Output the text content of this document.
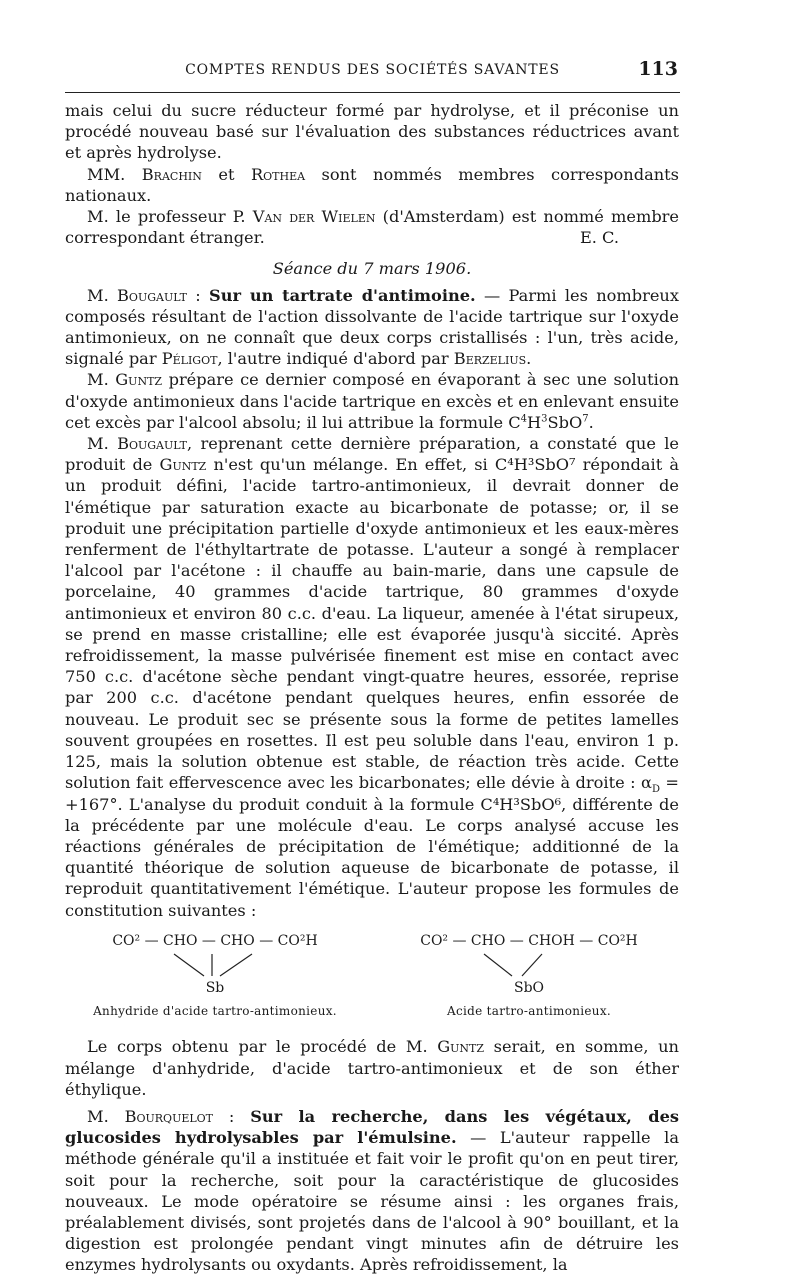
COMPTES RENDUS DES SOCIÉTÉS SAVANTES	113

mais celui du sucre réducteur formé par hydrolyse, et il préconise un procédé nouveau basé sur l'évaluation des substances réductrices avant et après hydrolyse.

MM. Brachin et Rothea sont nommés membres correspondants nationaux.

M. le professeur P. Van der Wielen (d'Amsterdam) est nommé membre correspondant étranger.	E. C.

Séance du 7 mars 1906.

M. Bougault : Sur un tartrate d'antimoine. — Parmi les nombreux composés résultant de l'action dissolvante de l'acide tartrique sur l'oxyde antimonieux, on ne connaît que deux corps cristallisés : l'un, très acide, signalé par Péligot, l'autre indiqué d'abord par Berzelius.

M. Guntz prépare ce dernier composé en évaporant à sec une solution d'oxyde antimonieux dans l'acide tartrique en excès et en enlevant ensuite cet excès par l'alcool absolu; il lui attribue la formule $C^4H^3SbO^7$.

M. Bougault, reprenant cette dernière préparation, a constaté que le produit de Guntz n'est qu'un mélange. En effet, si C⁴H³SbO⁷ répondait à un produit défini, l'acide tartro-antimonieux, il devrait donner de l'émétique par saturation exacte au bicarbonate de potasse; or, il se produit une précipitation partielle d'oxyde antimonieux et les eaux-mères renferment de l'éthyltartrate de potasse. L'auteur a songé à remplacer l'alcool par l'acétone : il chauffe au bain-marie, dans une capsule de porcelaine, 40 grammes d'acide tartrique, 80 grammes d'oxyde antimonieux et environ 80 c.c. d'eau. La liqueur, amenée à l'état sirupeux, se prend en masse cristalline; elle est évaporée jusqu'à siccité. Après refroidissement, la masse pulvérisée finement est mise en contact avec 750 c.c. d'acétone sèche pendant vingt-quatre heures, essorée, reprise par 200 c.c. d'acétone pendant quelques heures, enfin essorée de nouveau. Le produit sec se présente sous la forme de petites lamelles souvent groupées en rosettes. Il est peu soluble dans l'eau, environ 1 p. 125, mais la solution obtenue est stable, de réaction très acide. Cette solution fait effervescence avec les bicarbonates; elle dévie à droite : $\alpha_D = +167^\circ$. L'analyse du produit conduit à la formule C⁴H³SbO⁶, différente de la précédente par une molécule d'eau. Le corps analysé accuse les réactions générales de précipitation de l'émétique; additionné de la quantité théorique de solution aqueuse de bicarbonate de potasse, il reproduit quantitativement l'émétique. L'auteur propose les formules de constitution suivantes :

CO² — CHO — CHO — CO²H
Sb
Anhydride d'acide tartro-antimonieux.
CO² — CHO — CHOH — CO²H
SbO
Acide tartro-antimonieux.

Le corps obtenu par le procédé de M. Guntz serait, en somme, un mélange d'anhydride, d'acide tartro-antimonieux et de son éther éthylique.

M. Bourquelot : Sur la recherche, dans les végétaux, des glucosides hydrolysables par l'émulsine. — L'auteur rappelle la méthode générale qu'il a instituée et fait voir le profit qu'on en peut tirer, soit pour la recherche, soit pour la caractéristique de glucosides nouveaux. Le mode opératoire se résume ainsi : les organes frais, préalablement divisés, sont projetés dans de l'alcool à 90° bouillant, et la digestion est prolongée pendant vingt minutes afin de détruire les enzymes hydrolysants ou oxydants. Après refroidissement, la
